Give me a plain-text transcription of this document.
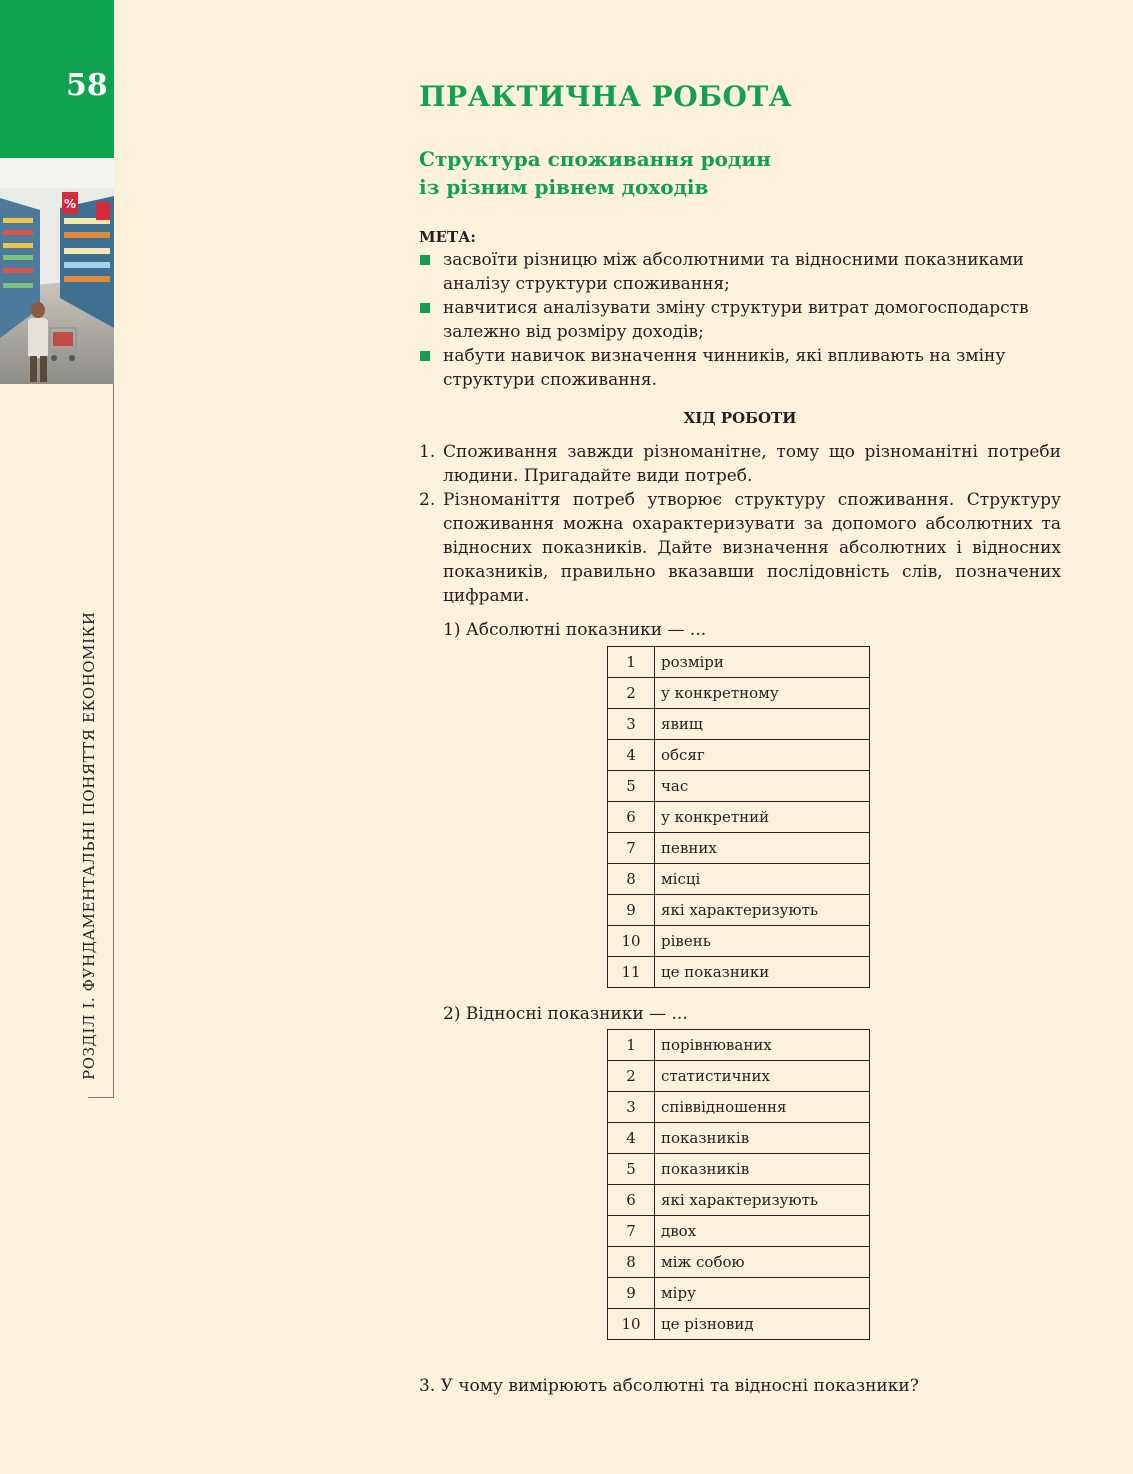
58
%
РОЗДІЛ І. ФУНДАМЕНТАЛЬНІ ПОНЯТТЯ ЕКОНОМІКИ
ПРАКТИЧНА РОБОТА
Структура споживання родин
із різним рівнем доходів
МЕТА:
засвоїти різницю між абсолютними та відносними показниками аналізу структури споживання;
навчитися аналізувати зміну структури витрат домогосподарств залежно від розміру доходів;
набути навичок визначення чинників, які впливають на зміну структури споживання.
ХІД РОБОТИ
1. Споживання завжди різноманітне, тому що різноманітні потреби людини. Пригадайте види потреб.
2. Різноманіття потреб утворює структуру споживання. Структуру споживання можна охарактеризувати за допомого абсолютних та відносних показників. Дайте визначення абсолютних і відносних показників, правильно вказавши послідовність слів, позначених цифрами.
1) Абсолютні показники — ...
1	розміри
2	у конкретному
3	явищ
4	обсяг
5	час
6	у конкретний
7	певних
8	місці
9	які характеризують
10	рівень
11	це показники
2) Відносні показники — ...
1	порівнюваних
2	статистичних
3	співвідношення
4	показників
5	показників
6	які характеризують
7	двох
8	між собою
9	міру
10	це різновид
3. У чому вимірюють абсолютні та відносні показники?
